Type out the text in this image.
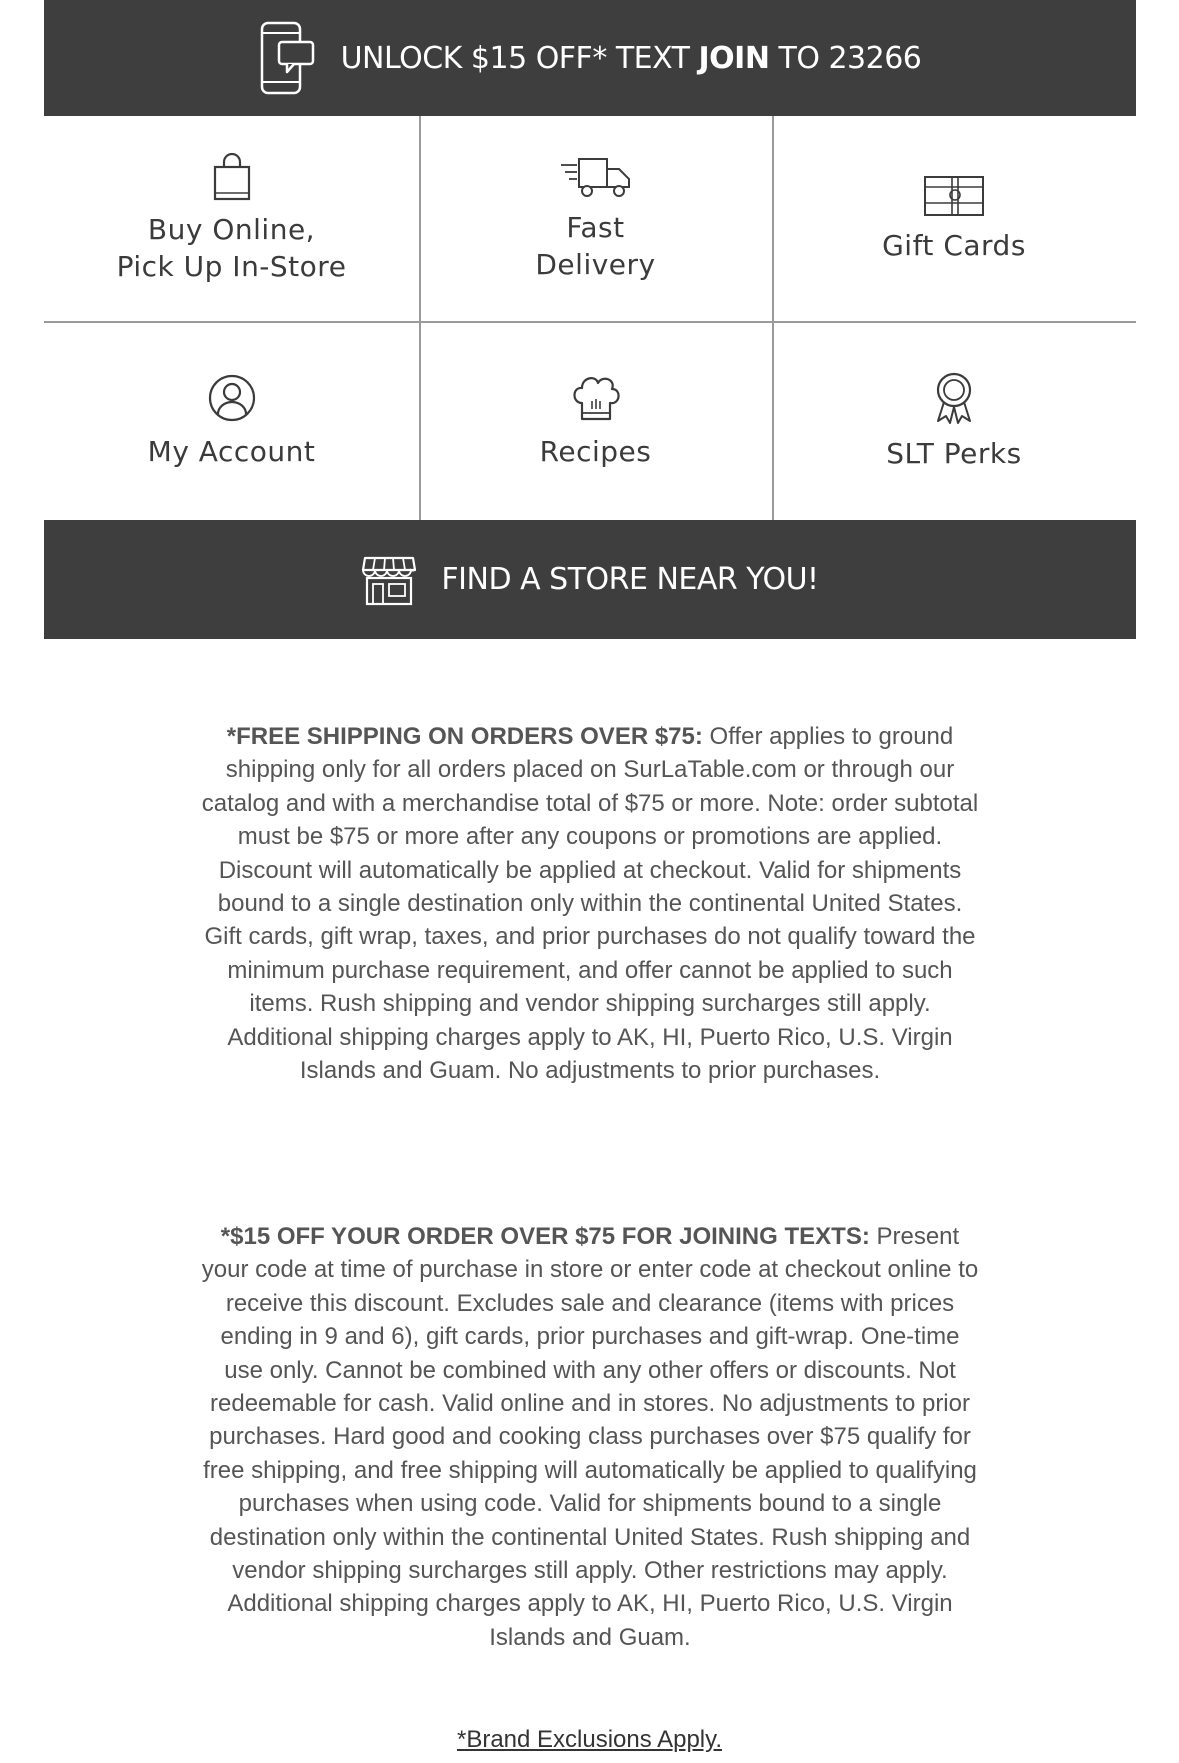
UNLOCK $15 OFF* TEXT JOIN TO 23266
Buy Online,
Pick Up In-Store
Fast
Delivery
Gift Cards
My Account	Recipes	SLT Perks
FIND A STORE NEAR YOU!
*FREE SHIPPING ON ORDERS OVER $75: Offer applies to ground shipping only for all orders placed on SurLaTable.com or through our catalog and with a merchandise total of $75 or more. Note: order subtotal must be $75 or more after any coupons or promotions are applied. Discount will automatically be applied at checkout. Valid for shipments bound to a single destination only within the continental United States. Gift cards, gift wrap, taxes, and prior purchases do not qualify toward the minimum purchase requirement, and offer cannot be applied to such items. Rush shipping and vendor shipping surcharges still apply. Additional shipping charges apply to AK, HI, Puerto Rico, U.S. Virgin Islands and Guam. No adjustments to prior purchases.
*$15 OFF YOUR ORDER OVER $75 FOR JOINING TEXTS: Present your code at time of purchase in store or enter code at checkout online to receive this discount. Excludes sale and clearance (items with prices ending in 9 and 6), gift cards, prior purchases and gift-wrap. One-time use only. Cannot be combined with any other offers or discounts. Not redeemable for cash. Valid online and in stores. No adjustments to prior purchases. Hard good and cooking class purchases over $75 qualify for free shipping, and free shipping will automatically be applied to qualifying purchases when using code. Valid for shipments bound to a single destination only within the continental United States. Rush shipping and vendor shipping surcharges still apply. Other restrictions may apply. Additional shipping charges apply to AK, HI, Puerto Rico, U.S. Virgin Islands and Guam.
*Brand Exclusions Apply.
